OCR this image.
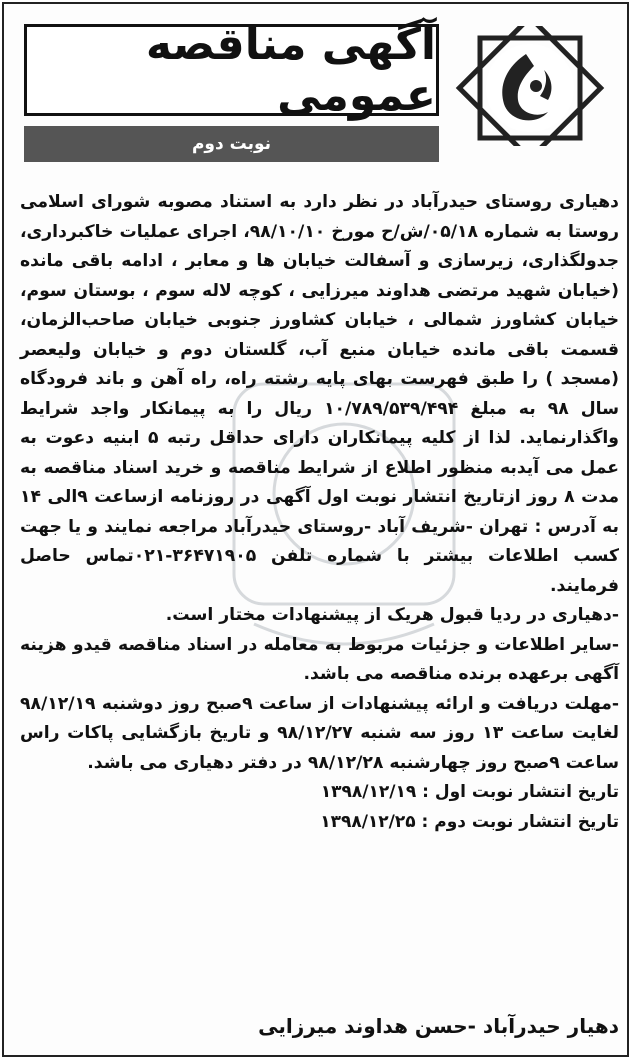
آگهی مناقصه عمومی
نوبت دوم

دهیاری روستای حیدرآباد در نظر دارد به استناد مصوبه شورای اسلامی روستا به شماره ۰۵/۱۸/ش/ح مورخ ۹۸/۱۰/۱۰، اجرای عملیات خاکبرداری، جدولگذاری، زیرسازی و آسفالت خیابان ها و معابر ، ادامه باقی مانده (خیابان شهید مرتضی هداوند میرزایی ، کوچه لاله سوم ، بوستان سوم، خیابان کشاورز شمالی ، خیابان کشاورز جنوبی خیابان صاحب‌الزمان، قسمت باقی مانده خیابان منبع آب، گلستان دوم و خیابان ولیعصر (مسجد ) را طبق فهرست بهای پایه رشته راه، راه آهن و باند فرودگاه سال ۹۸ به مبلغ ۱۰/۷۸۹/۵۳۹/۴۹۴ ریال را به پیمانکار واجد شرایط واگذارنماید. لذا از کلیه پیمانکاران دارای حداقل رتبه ۵ ابنیه دعوت به عمل می آیدبه منظور اطلاع از شرایط مناقصه و خرید اسناد مناقصه به مدت ۸ روز ازتاریخ انتشار نوبت اول آگهی در روزنامه ازساعت ۹الی ۱۴ به آدرس : تهران -شریف آباد -روستای حیدرآباد مراجعه نمایند و یا جهت کسب اطلاعات بیشتر با شماره تلفن ۳۶۴۷۱۹۰۵-۰۲۱تماس حاصل فرمایند.

-دهیاری در ردیا قبول هریک از پیشنهادات مختار است.

-سایر اطلاعات و جزئیات مربوط به معامله در اسناد مناقصه قیدو هزینه آگهی برعهده برنده مناقصه می باشد.

-مهلت دریافت و ارائه پیشنهادات از ساعت ۹صبح روز دوشنبه ۹۸/۱۲/۱۹ لغایت ساعت ۱۳ روز سه شنبه ۹۸/۱۲/۲۷ و تاریخ بازگشایی پاکات راس ساعت ۹صبح روز چهارشنبه ۹۸/۱۲/۲۸ در دفتر دهیاری می باشد.

تاریخ انتشار نوبت اول : ۱۳۹۸/۱۲/۱۹

تاریخ انتشار نوبت دوم : ۱۳۹۸/۱۲/۲۵

دهیار حیدرآباد -حسن هداوند میرزایی
